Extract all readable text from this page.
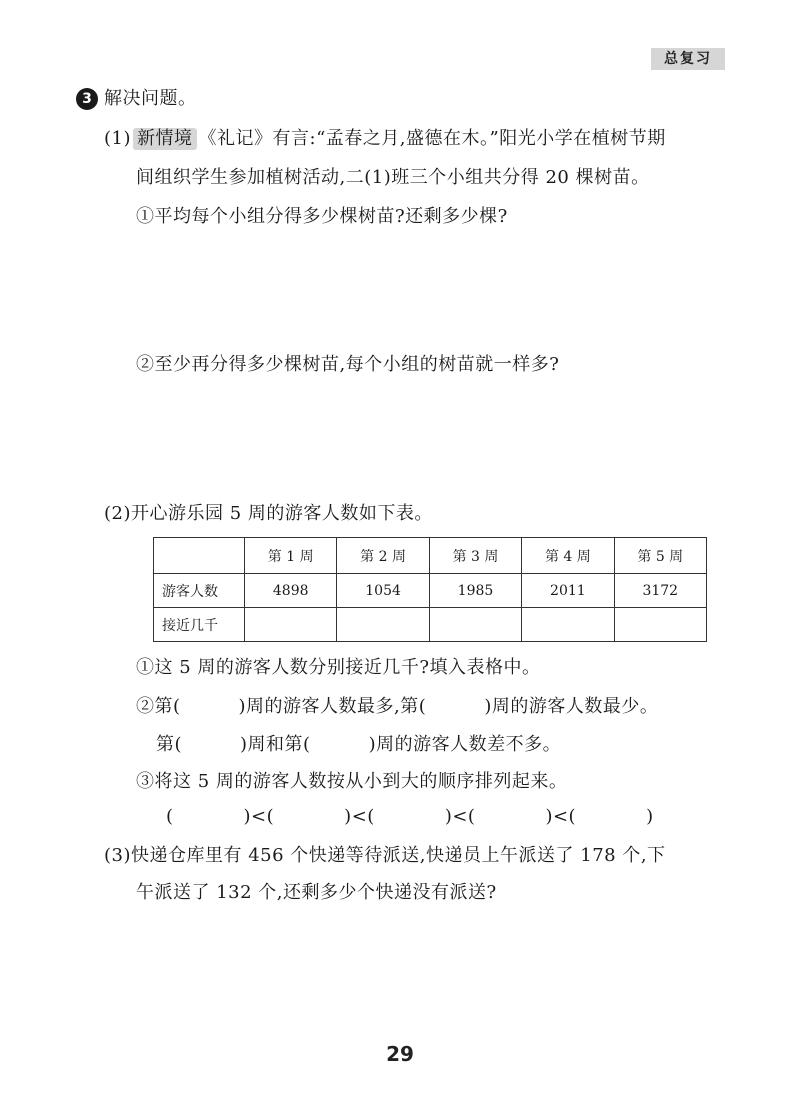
总复习
3 解决问题。
(1) 新情境 《礼记》有言:“孟春之月,盛德在木。”阳光小学在植树节期
间组织学生参加植树活动,二(1)班三个小组共分得 20 棵树苗。
①平均每个小组分得多少棵树苗?还剩多少棵?
②至少再分得多少棵树苗,每个小组的树苗就一样多?
(2)开心游乐园 5 周的游客人数如下表。
	第 1 周	第 2 周	第 3 周	第 4 周	第 5 周
游客人数	4898	1054	1985	2011	3172
接近几千					
①这 5 周的游客人数分别接近几千?填入表格中。
②第(	)周的游客人数最多,第(	)周的游客人数最少。
第(	)周和第(	)周的游客人数差不多。
③将这 5 周的游客人数按从小到大的顺序排列起来。
(	)<(	)<(	)<(	)<(	)
(3)快递仓库里有 456 个快递等待派送,快递员上午派送了 178 个,下
午派送了 132 个,还剩多少个快递没有派送?
29
